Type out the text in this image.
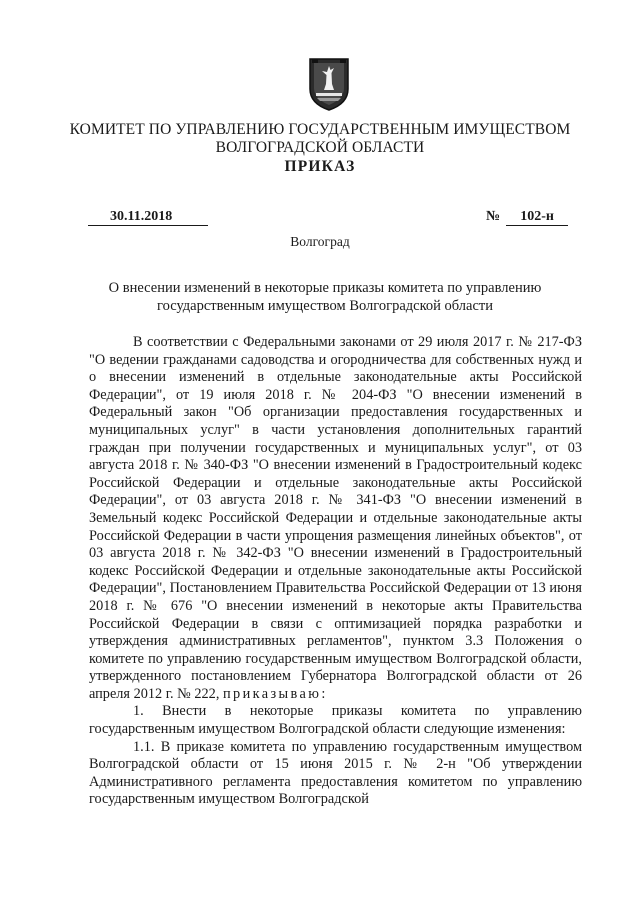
КОМИТЕТ ПО УПРАВЛЕНИЮ ГОСУДАРСТВЕННЫМ ИМУЩЕСТВОМ
ВОЛГОГРАДСКОЙ ОБЛАСТИ
ПРИКАЗ
30.11.2018	№ 102-н
Волгоград
О внесении изменений в некоторые приказы комитета по управлению государственным имуществом Волгоградской области

В соответствии с Федеральными законами от 29 июля 2017 г. № 217-ФЗ "О ведении гражданами садоводства и огородничества для собственных нужд и о внесении изменений в отдельные законодательные акты Российской Федерации", от 19 июля 2018 г. № 204-ФЗ "О внесении изменений в Федеральный закон "Об организации предоставления государственных и муниципальных услуг" в части установления дополнительных гарантий граждан при получении государственных и муниципальных услуг", от 03 августа 2018 г. № 340-ФЗ "О внесении изменений в Градостроительный кодекс Российской Федерации и отдельные законодательные акты Российской Федерации", от 03 августа 2018 г. № 341-ФЗ "О внесении изменений в Земельный кодекс Российской Федерации и отдельные законодательные акты Российской Федерации в части упрощения размещения линейных объектов", от 03 августа 2018 г. № 342-ФЗ "О внесении изменений в Градостроительный кодекс Российской Федерации и отдельные законодательные акты Российской Федерации", Постановлением Правительства Российской Федерации от 13 июня 2018 г. № 676 "О внесении изменений в некоторые акты Правительства Российской Федерации в связи с оптимизацией порядка разработки и утверждения административных регламентов", пунктом 3.3 Положения о комитете по управлению государственным имуществом Волгоградской области, утвержденного постановлением Губернатора Волгоградской области от 26 апреля 2012 г. № 222, приказываю:

1. Внести в некоторые приказы комитета по управлению государственным имуществом Волгоградской области следующие изменения:

1.1. В приказе комитета по управлению государственным имуществом Волгоградской области от 15 июня 2015 г. № 2-н "Об утверждении Административного регламента предоставления комитетом по управлению государственным имуществом Волгоградской
